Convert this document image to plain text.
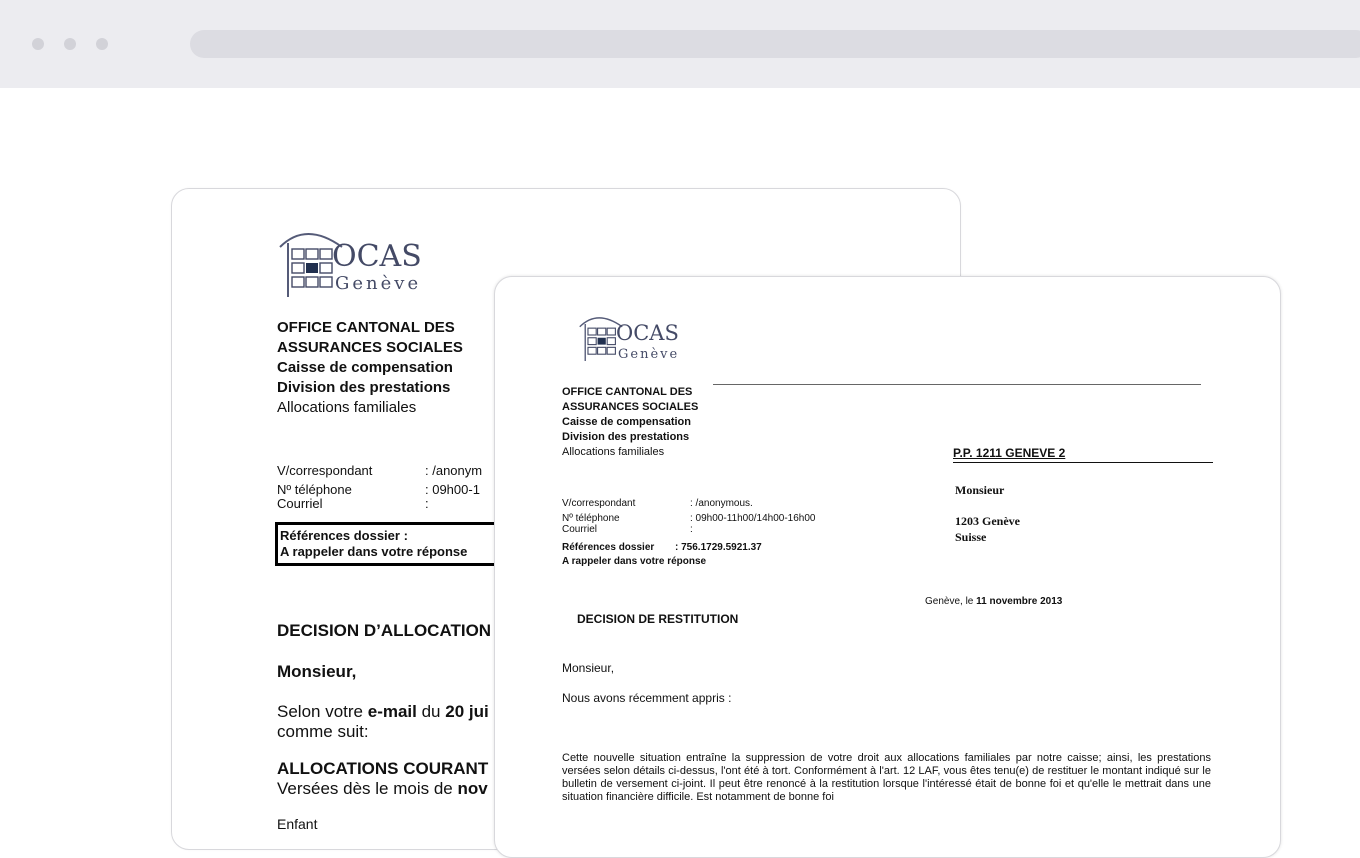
OCAS
Genève
OFFICE CANTONAL DES
ASSURANCES SOCIALES
Caisse de compensation
Division des prestations
Allocations familiales
V/correspondant	: /anonym
Nº téléphone	: 09h00-1
Courriel	:
Références dossier :
A rappeler dans votre réponse
DECISION D’ALLOCATION
Monsieur,
Selon votre e-mail du 20 jui
comme suit:
ALLOCATIONS COURANT
Versées dès le mois de nov
Enfant
OCAS
Genève
OFFICE CANTONAL DES
ASSURANCES SOCIALES
Caisse de compensation
Division des prestations
Allocations familiales	P.P. 1211 GENEVE 2
Monsieur
1203 Genève
Suisse
V/correspondant	: /anonymous.
Nº téléphone	: 09h00-11h00/14h00-16h00
Courriel	:
Références dossier : 756.1729.5921.37
A rappeler dans votre réponse
Genève, le 11 novembre 2013
DECISION DE RESTITUTION
Monsieur,
Nous avons récemment appris :
Cette nouvelle situation entraîne la suppression de votre droit aux allocations familiales par notre caisse; ainsi, les prestations versées selon détails ci-dessus, l'ont été à tort. Conformément à l'art. 12 LAF, vous êtes tenu(e) de restituer le montant indiqué sur le bulletin de versement ci-joint. Il peut être renoncé à la restitution lorsque l'intéressé était de bonne foi et qu'elle le mettrait dans une situation financière difficile. Est notamment de bonne foi
